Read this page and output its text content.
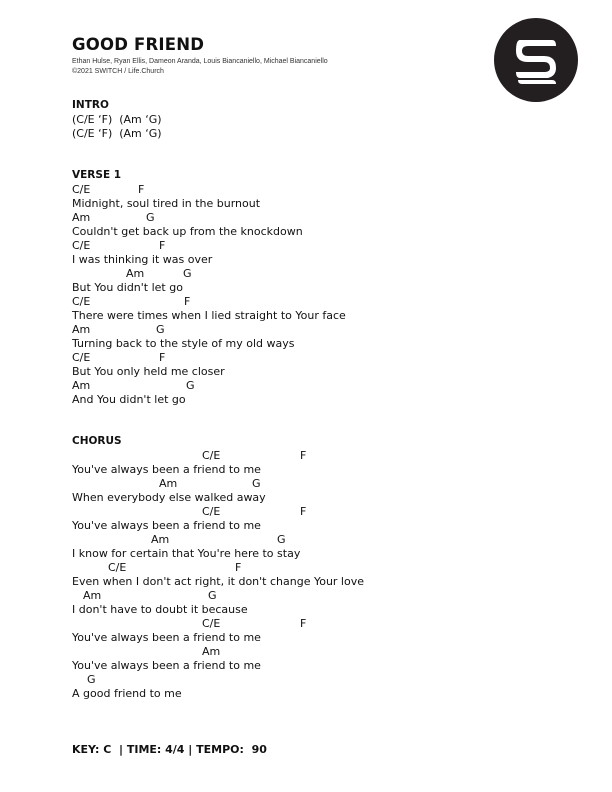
GOOD FRIEND
Ethan Hulse, Ryan Ellis, Dameon Aranda, Louis Biancaniello, Michael Biancaniello
©2021 SWITCH / Life.Church
INTRO
(C/E ‘F)  (Am ‘G)
(C/E ‘F)  (Am ‘G)
VERSE 1
C/E	F
Midnight, soul tired in the burnout
Am	G
Couldn't get back up from the knockdown
C/E	F
I was thinking it was over
Am	G
But You didn't let go
C/E	F
There were times when I lied straight to Your face
Am	G
Turning back to the style of my old ways
C/E	F
But You only held me closer
Am	G
And You didn't let go
CHORUS
C/E	F
You've always been a friend to me
Am	G
When everybody else walked away
C/E	F
You've always been a friend to me
Am	G
I know for certain that You're here to stay
C/E	F
Even when I don't act right, it don't change Your love
Am	G
I don't have to doubt it because
C/E	F
You've always been a friend to me
Am
You've always been a friend to me
G
A good friend to me
KEY: C  | TIME: 4/4 | TEMPO:  90
